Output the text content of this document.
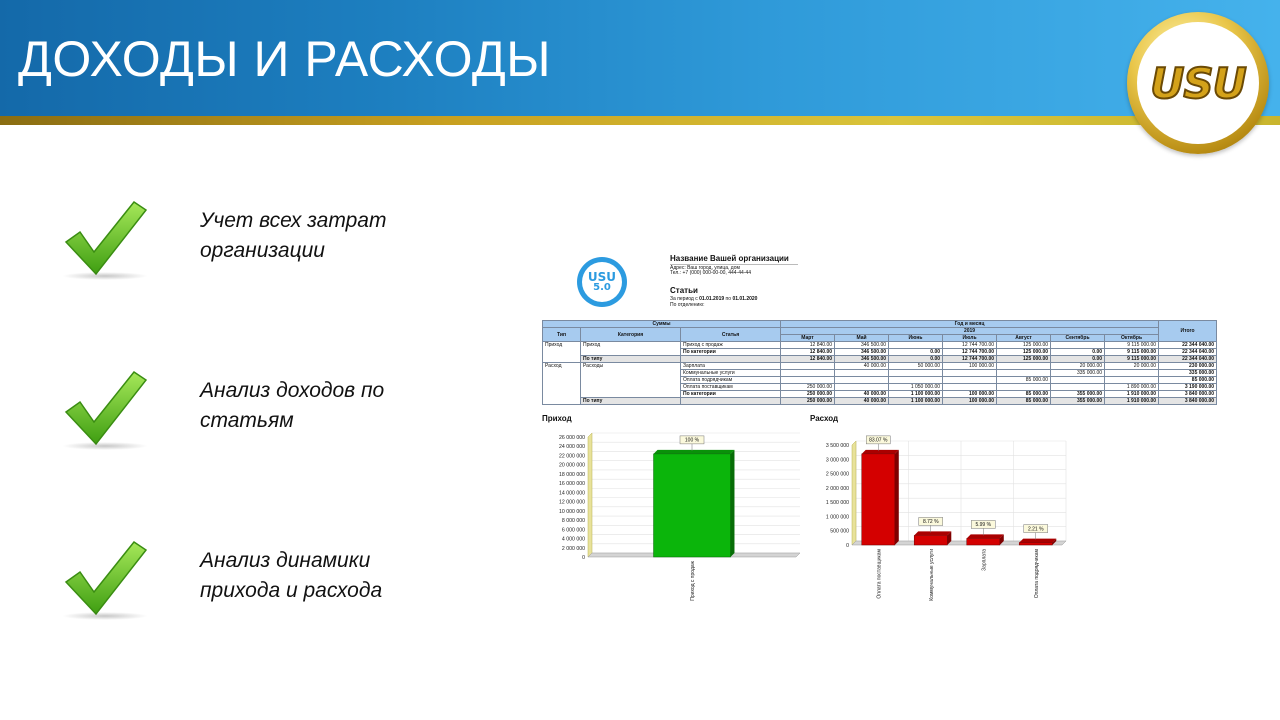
ДОХОДЫ И РАСХОДЫ	USU
Учет всех затрат
организации
Анализ доходов по
статьям
Анализ динамики
прихода и расхода
USU
5.0
Название Вашей организации
Адрес: Ваш город, улица, дом
Тел.: +7 (000) 000-00-00, 444-44-44
Статьи
За период с 01.01.2019 по 01.01.2020
По отделению:
Суммы			Год и месяц							Итого
Тип	Категория	Статья	2019							
			Март	Май	Июнь	Июль	Август	Сентябрь	Октябрь	
Приход	Приход	Приход с продаж	12 840.00	346 500.00		12 744 700.00	125 000.00		9 115 000.00	22 344 040.00
		По категории	12 840.00	346 500.00	0.00	12 744 700.00	125 000.00	0.00	9 115 000.00	22 344 040.00
	По типу		12 840.00	346 500.00	0.00	12 744 700.00	125 000.00	0.00	9 115 000.00	22 344 040.00
Расход	Расходы	Зарплата		40 000.00	50 000.00	100 000.00		20 000.00	20 000.00	230 000.00
		Коммунальные услуги						335 000.00		335 000.00
		Оплата подрядчикам					85 000.00			85 000.00
		Оплата поставщикам	250 000.00		1 050 000.00				1 890 000.00	3 190 000.00
		По категории	250 000.00	40 000.00	1 100 000.00	100 000.00	85 000.00	355 000.00	1 910 000.00	3 840 000.00
	По типу		250 000.00	40 000.00	1 100 000.00	100 000.00	85 000.00	355 000.00	1 910 000.00	3 840 000.00
Приход	Расход
0
2 000 000
4 000 000
6 000 000
8 000 000
10 000 000
12 000 000
14 000 000
16 000 000
18 000 000
20 000 000
22 000 000
24 000 000
26 000 000	100 %
Приход с продаж
0
500 000
1 000 000
1 500 000
2 000 000
2 500 000
3 000 000
3 500 000
83.07 %
Оплата поставщикам
8.72 %
Коммунальные услуги
5.99 %
Зарплата
2.21 %
Оплата подрядчикам
